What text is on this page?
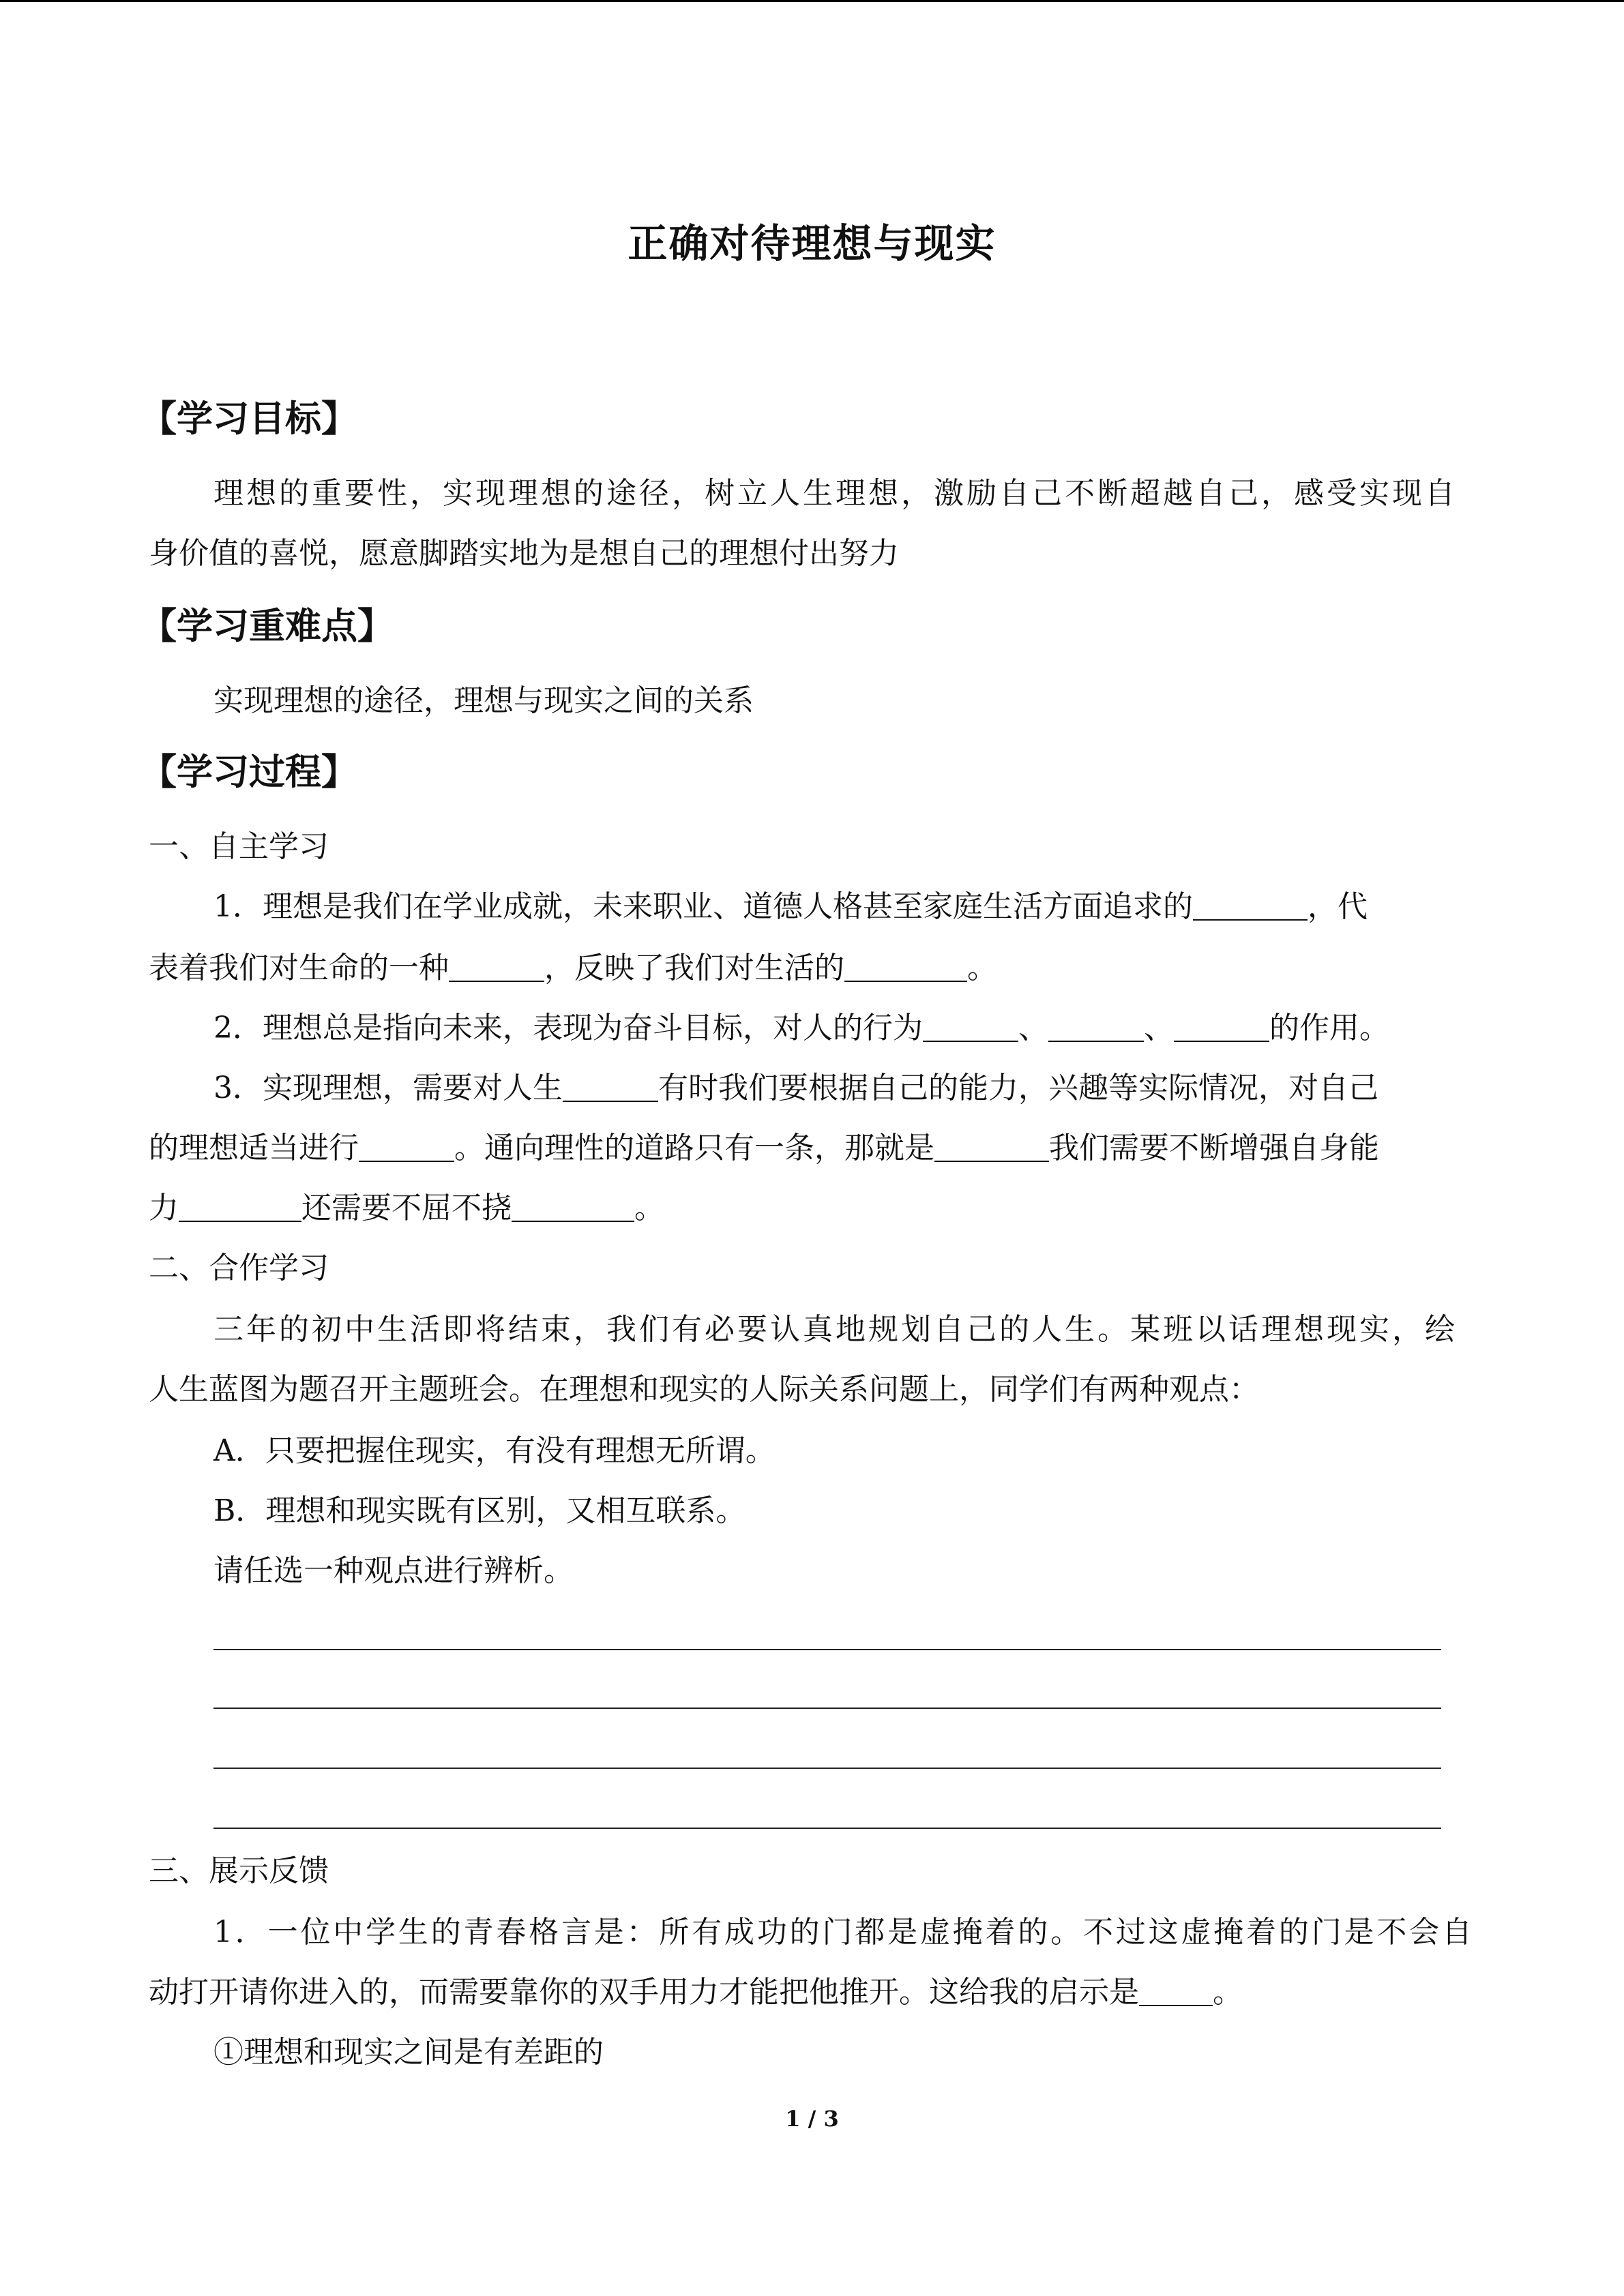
正确对待理想与现实
【学习目标】
理想的重要性，实现理想的途径，树立人生理想，激励自己不断超越自己，感受实现自
身价值的喜悦，愿意脚踏实地为是想自己的理想付出努力
【学习重难点】
实现理想的途径，理想与现实之间的关系
【学习过程】
一、自主学习
1．理想是我们在学业成就，未来职业、道德人格甚至家庭生活方面追求的	，代
表着我们对生命的一种	，反映了我们对生活的	。
2．理想总是指向未来，表现为奋斗目标，对人的行为	、	、	的作用。
3．实现理想，需要对人生	有时我们要根据自己的能力，兴趣等实际情况，对自己
的理想适当进行	。通向理性的道路只有一条，那就是	我们需要不断增强自身能
力	还需要不屈不挠	。
二、合作学习
三年的初中生活即将结束，我们有必要认真地规划自己的人生。某班以话理想现实，绘
人生蓝图为题召开主题班会。在理想和现实的人际关系问题上，同学们有两种观点：
A．只要把握住现实，有没有理想无所谓。
B．理想和现实既有区别，又相互联系。
请任选一种观点进行辨析。
三、展示反馈
1．一位中学生的青春格言是：所有成功的门都是虚掩着的。不过这虚掩着的门是不会自
动打开请你进入的，而需要靠你的双手用力才能把他推开。这给我的启示是 。
①理想和现实之间是有差距的
1 / 3
